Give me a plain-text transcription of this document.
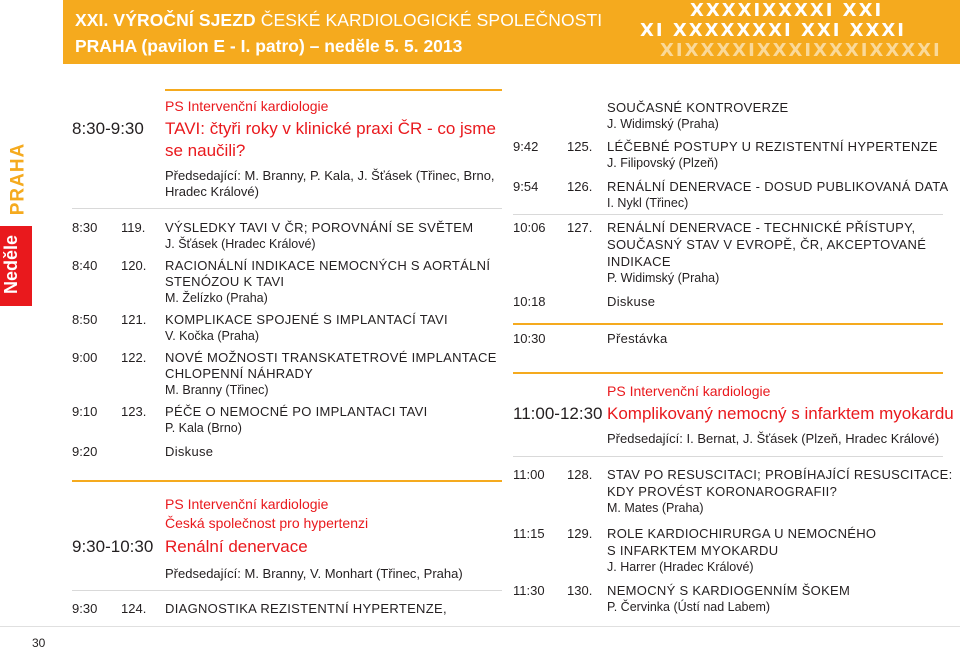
XXI. VÝROČNÍ SJEZD ČESKÉ KARDIOLOGICKÉ SPOLEČNOSTI
PRAHA (pavilon E - I. patro) – neděle 5. 5. 2013
XXXXIXXXXI XXI
XI XXXXXXXI XXI XXXI
XIXXXXIXXXIXXXIXXXXI
PRAHA
Neděle
PS Intervenční kardiologie
8:30-9:30 TAVI: čtyři roky v klinické praxi ČR - co jsme
se naučili?
Předsedající: M. Branny, P. Kala, J. Šťásek (Třinec, Brno,
Hradec Králové)
8:30 119. VÝSLEDKY TAVI V ČR; POROVNÁNÍ SE SVĚTEM
J. Šťásek (Hradec Králové)
8:40 120. RACIONÁLNÍ INDIKACE NEMOCNÝCH S AORTÁLNÍ
STENÓZOU K TAVI
M. Želízko (Praha)
8:50 121. KOMPLIKACE SPOJENÉ S IMPLANTACÍ TAVI
V. Kočka (Praha)
9:00 122. NOVÉ MOŽNOSTI TRANSKATETROVÉ IMPLANTACE
CHLOPENNÍ NÁHRADY
M. Branny (Třinec)
9:10 123. PÉČE O NEMOCNÉ PO IMPLANTACI TAVI
P. Kala (Brno)
9:20	Diskuse
PS Intervenční kardiologie
Česká společnost pro hypertenzi
9:30-10:30 Renální denervace
Předsedající: M. Branny, V. Monhart (Třinec, Praha)
9:30 124. DIAGNOSTIKA REZISTENTNÍ HYPERTENZE,
SOUČASNÉ KONTROVERZE
J. Widimský (Praha)
9:42 125. LÉČEBNÉ POSTUPY U REZISTENTNÍ HYPERTENZE
J. Filipovský (Plzeň)
9:54 126. RENÁLNÍ DENERVACE - DOSUD PUBLIKOVANÁ DATA
I. Nykl (Třinec)
10:06 127. RENÁLNÍ DENERVACE - TECHNICKÉ PŘÍSTUPY,
SOUČASNÝ STAV V EVROPĚ, ČR, AKCEPTOVANÉ
INDIKACE
P. Widimský (Praha)
10:18	Diskuse
10:30	Přestávka
PS Intervenční kardiologie
11:00-12:30 Komplikovaný nemocný s infarktem myokardu
Předsedající: I. Bernat, J. Šťásek (Plzeň, Hradec Králové)
11:00 128. STAV PO RESUSCITACI; PROBÍHAJÍCÍ RESUSCITACE:
KDY PROVÉST KORONAROGRAFII?
M. Mates (Praha)
11:15 129. ROLE KARDIOCHIRURGA U NEMOCNÉHO
S INFARKTEM MYOKARDU
J. Harrer (Hradec Králové)
11:30 130. NEMOCNÝ S KARDIOGENNÍM ŠOKEM
P. Červinka (Ústí nad Labem)
30
